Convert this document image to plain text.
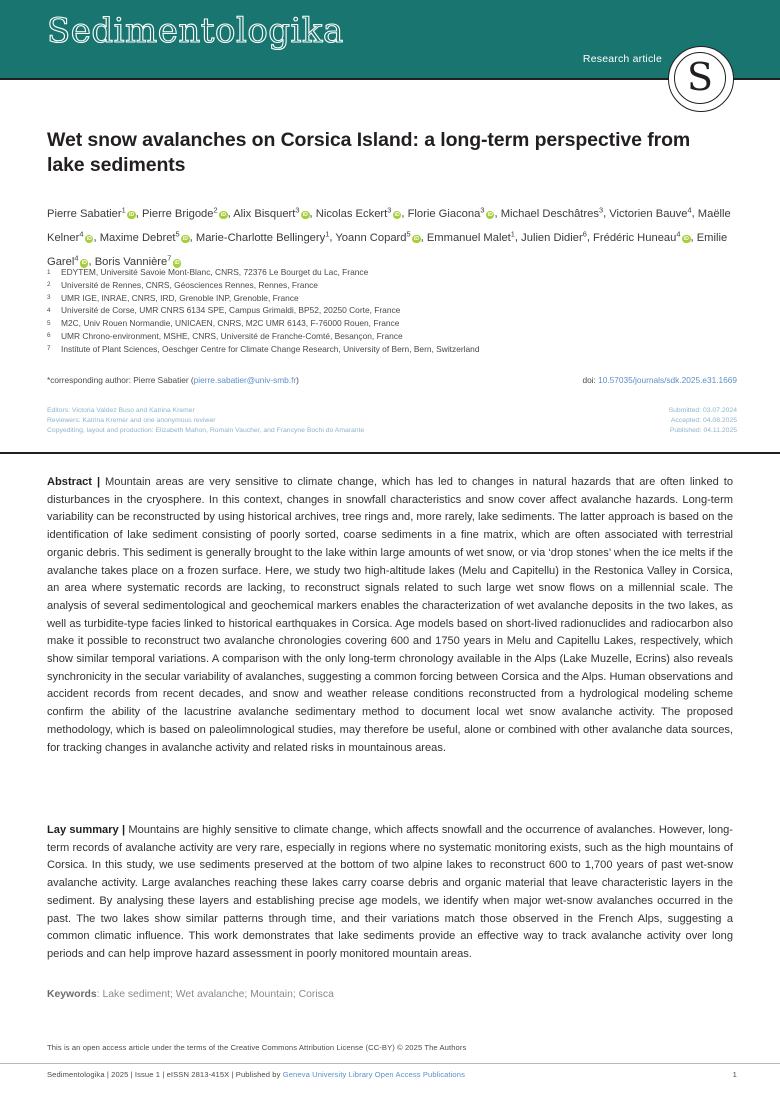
Sedimentologika
Research article S
Wet snow avalanches on Corsica Island: a long-term perspective from lake sediments
Pierre Sabatier$^1$iD , Pierre Brigode$^2$iD , Alix Bisquert$^3$iD , Nicolas Eckert$^3$iD , Florie Giacona$^3$iD , Michael Deschâtres$^3$, Victorien Bauve$^4$, Maëlle Kelner$^4$iD , Maxime Debret$^5$iD , Marie-Charlotte Bellingery$^1$, Yoann Copard$^5$iD , Emmanuel Malet$^1$, Julien Didier$^6$, Frédéric Huneau$^4$iD , Emilie Garel$^4$iD , Boris Vannière$^7$iD
1	EDYTEM, Université Savoie Mont-Blanc, CNRS, 72376 Le Bourget du Lac, France
2	Université de Rennes, CNRS, Géosciences Rennes, Rennes, France
3	UMR IGE, INRAE, CNRS, IRD, Grenoble INP, Grenoble, France
4	Université de Corse, UMR CNRS 6134 SPE, Campus Grimaldi, BP52, 20250 Corte, France
5	M2C, Univ Rouen Normandie, UNICAEN, CNRS, M2C UMR 6143, F-76000 Rouen, France
6	UMR Chrono-environment, MSHE, CNRS, Université de Franche-Comté, Besançon, France
7	Institute of Plant Sciences, Oeschger Centre for Climate Change Research, University of Bern, Bern, Switzerland
*corresponding author: Pierre Sabatier (pierre.sabatier@univ-smb.fr)	doi: 10.57035/journals/sdk.2025.e31.1669
Editors: Victoria Valdez Buso and Katrina Kremer
Reviewers: Katrina Kremer and one anonymous reviwer
Copyediting, layout and production: Elizabeth Mahon, Romain Vaucher, and Francyne Bochi do Amarante
Submitted: 03.07.2024
Accepted: 04.08.2025
Published: 04.11.2025
Abstract | Mountain areas are very sensitive to climate change, which has led to changes in natural hazards that are often linked to disturbances in the cryosphere. In this context, changes in snowfall characteristics and snow cover affect avalanche hazards. Long-term variability can be reconstructed by using historical archives, tree rings and, more rarely, lake sediments. The latter approach is based on the identification of lake sediment consisting of poorly sorted, coarse sediments in a fine matrix, which are often associated with terrestrial organic debris. This sediment is generally brought to the lake within large amounts of wet snow, or via ‘drop stones’ when the ice melts if the avalanche takes place on a frozen surface. Here, we study two high-altitude lakes (Melu and Capitellu) in the Restonica Valley in Corsica, an area where systematic records are lacking, to reconstruct signals related to such large wet snow flows on a millennial scale. The analysis of several sedimentological and geochemical markers enables the characterization of wet avalanche deposits in the two lakes, as well as turbidite-type facies linked to historical earthquakes in Corsica. Age models based on short-lived radionuclides and radiocarbon also make it possible to reconstruct two avalanche chronologies covering 600 and 1750 years in Melu and Capitellu Lakes, respectively, which show similar temporal variations. A comparison with the only long-term chronology available in the Alps (Lake Muzelle, Ecrins) also reveals synchronicity in the secular variability of avalanches, suggesting a common forcing between Corsica and the Alps. Human observations and accident records from recent decades, and snow and weather release conditions reconstructed from a hydrological modeling scheme confirm the ability of the lacustrine avalanche sedimentary method to document local wet snow avalanche activity. The proposed methodology, which is based on paleolimnological studies, may therefore be useful, alone or combined with other avalanche data sources, for tracking changes in avalanche activity and related risks in mountainous areas.
Lay summary | Mountains are highly sensitive to climate change, which affects snowfall and the occurrence of avalanches. However, long-term records of avalanche activity are very rare, especially in regions where no systematic monitoring exists, such as the high mountains of Corsica. In this study, we use sediments preserved at the bottom of two alpine lakes to reconstruct 600 to 1,700 years of past wet-snow avalanche activity. Large avalanches reaching these lakes carry coarse debris and organic material that leave characteristic layers in the sediment. By analysing these layers and establishing precise age models, we identify when major wet-snow avalanches occurred in the past. The two lakes show similar patterns through time, and their variations match those observed in the French Alps, suggesting a common climatic influence. This work demonstrates that lake sediments provide an effective way to track avalanche activity over long periods and can help improve hazard assessment in poorly monitored mountain areas.
Keywords: Lake sediment; Wet avalanche; Mountain; Corisca
This is an open access article under the terms of the Creative Commons Attribution License (CC-BY) © 2025 The Authors
Sedimentologika | 2025 | Issue 1 | eISSN 2813-415X | Published by Geneva University Library Open Access Publications	1
